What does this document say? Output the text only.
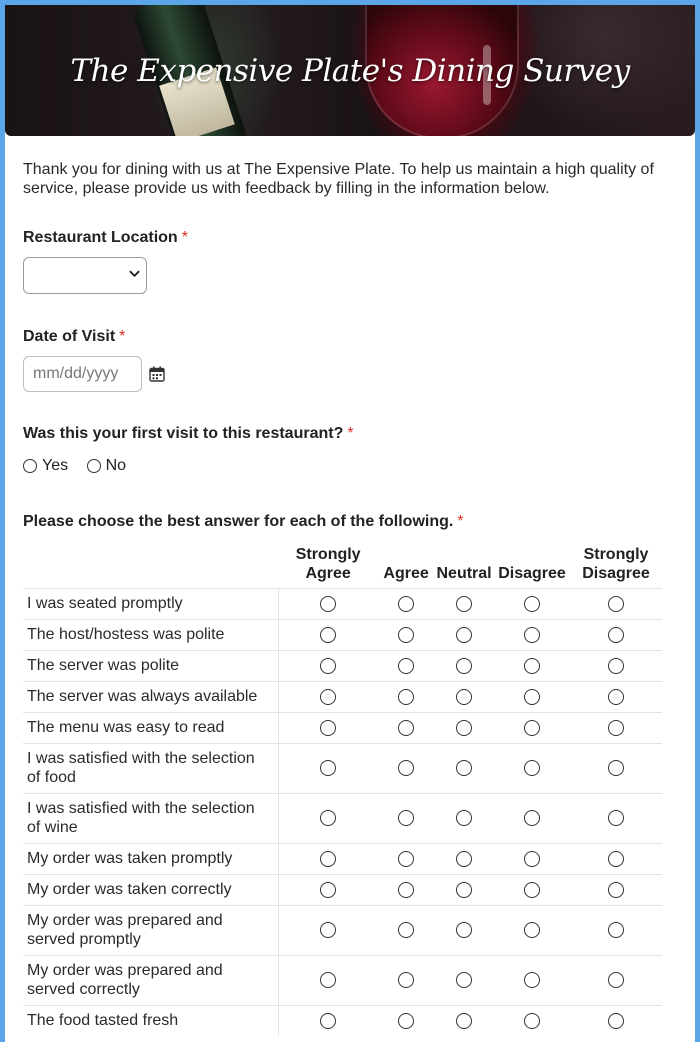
The Expensive Plate's Dining Survey

Thank you for dining with us at The Expensive Plate. To help us maintain a high quality of service, please provide us with feedback by filling in the information below.

Restaurant Location *
Date of Visit *
mm/dd/yyyy
Was this your first visit to this restaurant? *
Yes No
Please choose the best answer for each of the following. *
	Strongly Agree	Agree	Neutral	Disagree	Strongly Disagree
I was seated promptly					
The host/hostess was polite					
The server was polite					
The server was always available					
The menu was easy to read					
I was satisfied with the selection of food					
I was satisfied with the selection of wine					
My order was taken promptly					
My order was taken correctly					
My order was prepared and served promptly					
My order was prepared and served correctly					
The food tasted fresh					
